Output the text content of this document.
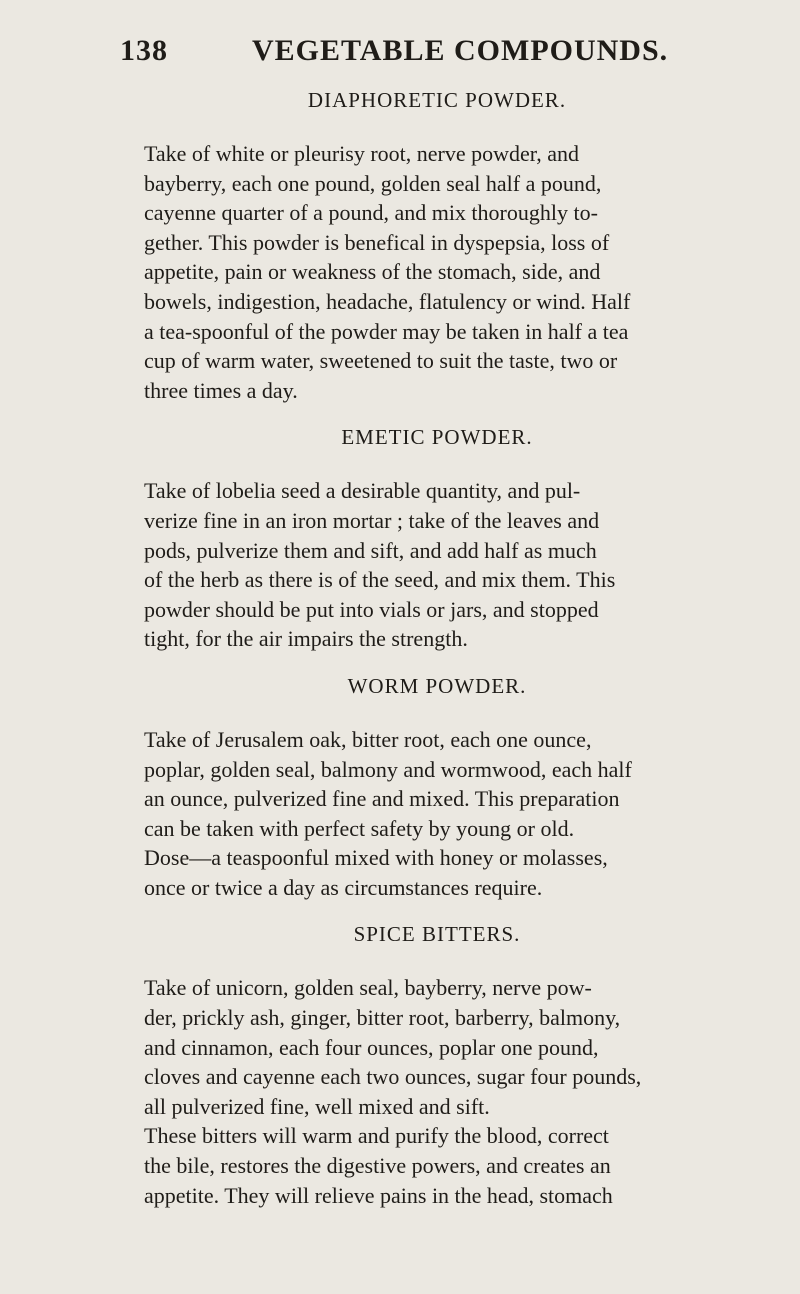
138	VEGETABLE COMPOUNDS.
DIAPHORETIC POWDER.

Take of white or pleurisy root, nerve powder, and
bayberry, each one pound, golden seal half a pound,
cayenne quarter of a pound, and mix thoroughly to-
gether. This powder is benefical in dyspepsia, loss of
appetite, pain or weakness of the stomach, side, and
bowels, indigestion, headache, flatulency or wind. Half
a tea-spoonful of the powder may be taken in half a tea
cup of warm water, sweetened to suit the taste, two or
three times a day.

EMETIC POWDER.

Take of lobelia seed a desirable quantity, and pul-
verize fine in an iron mortar ; take of the leaves and
pods, pulverize them and sift, and add half as much
of the herb as there is of the seed, and mix them. This
powder should be put into vials or jars, and stopped
tight, for the air impairs the strength.

WORM POWDER.

Take of Jerusalem oak, bitter root, each one ounce,
poplar, golden seal, balmony and wormwood, each half
an ounce, pulverized fine and mixed. This preparation
can be taken with perfect safety by young or old.

Dose—a teaspoonful mixed with honey or molasses,
once or twice a day as circumstances require.

SPICE BITTERS.

Take of unicorn, golden seal, bayberry, nerve pow-
der, prickly ash, ginger, bitter root, barberry, balmony,
and cinnamon, each four ounces, poplar one pound,
cloves and cayenne each two ounces, sugar four pounds,
all pulverized fine, well mixed and sift.

These bitters will warm and purify the blood, correct
the bile, restores the digestive powers, and creates an
appetite. They will relieve pains in the head, stomach
